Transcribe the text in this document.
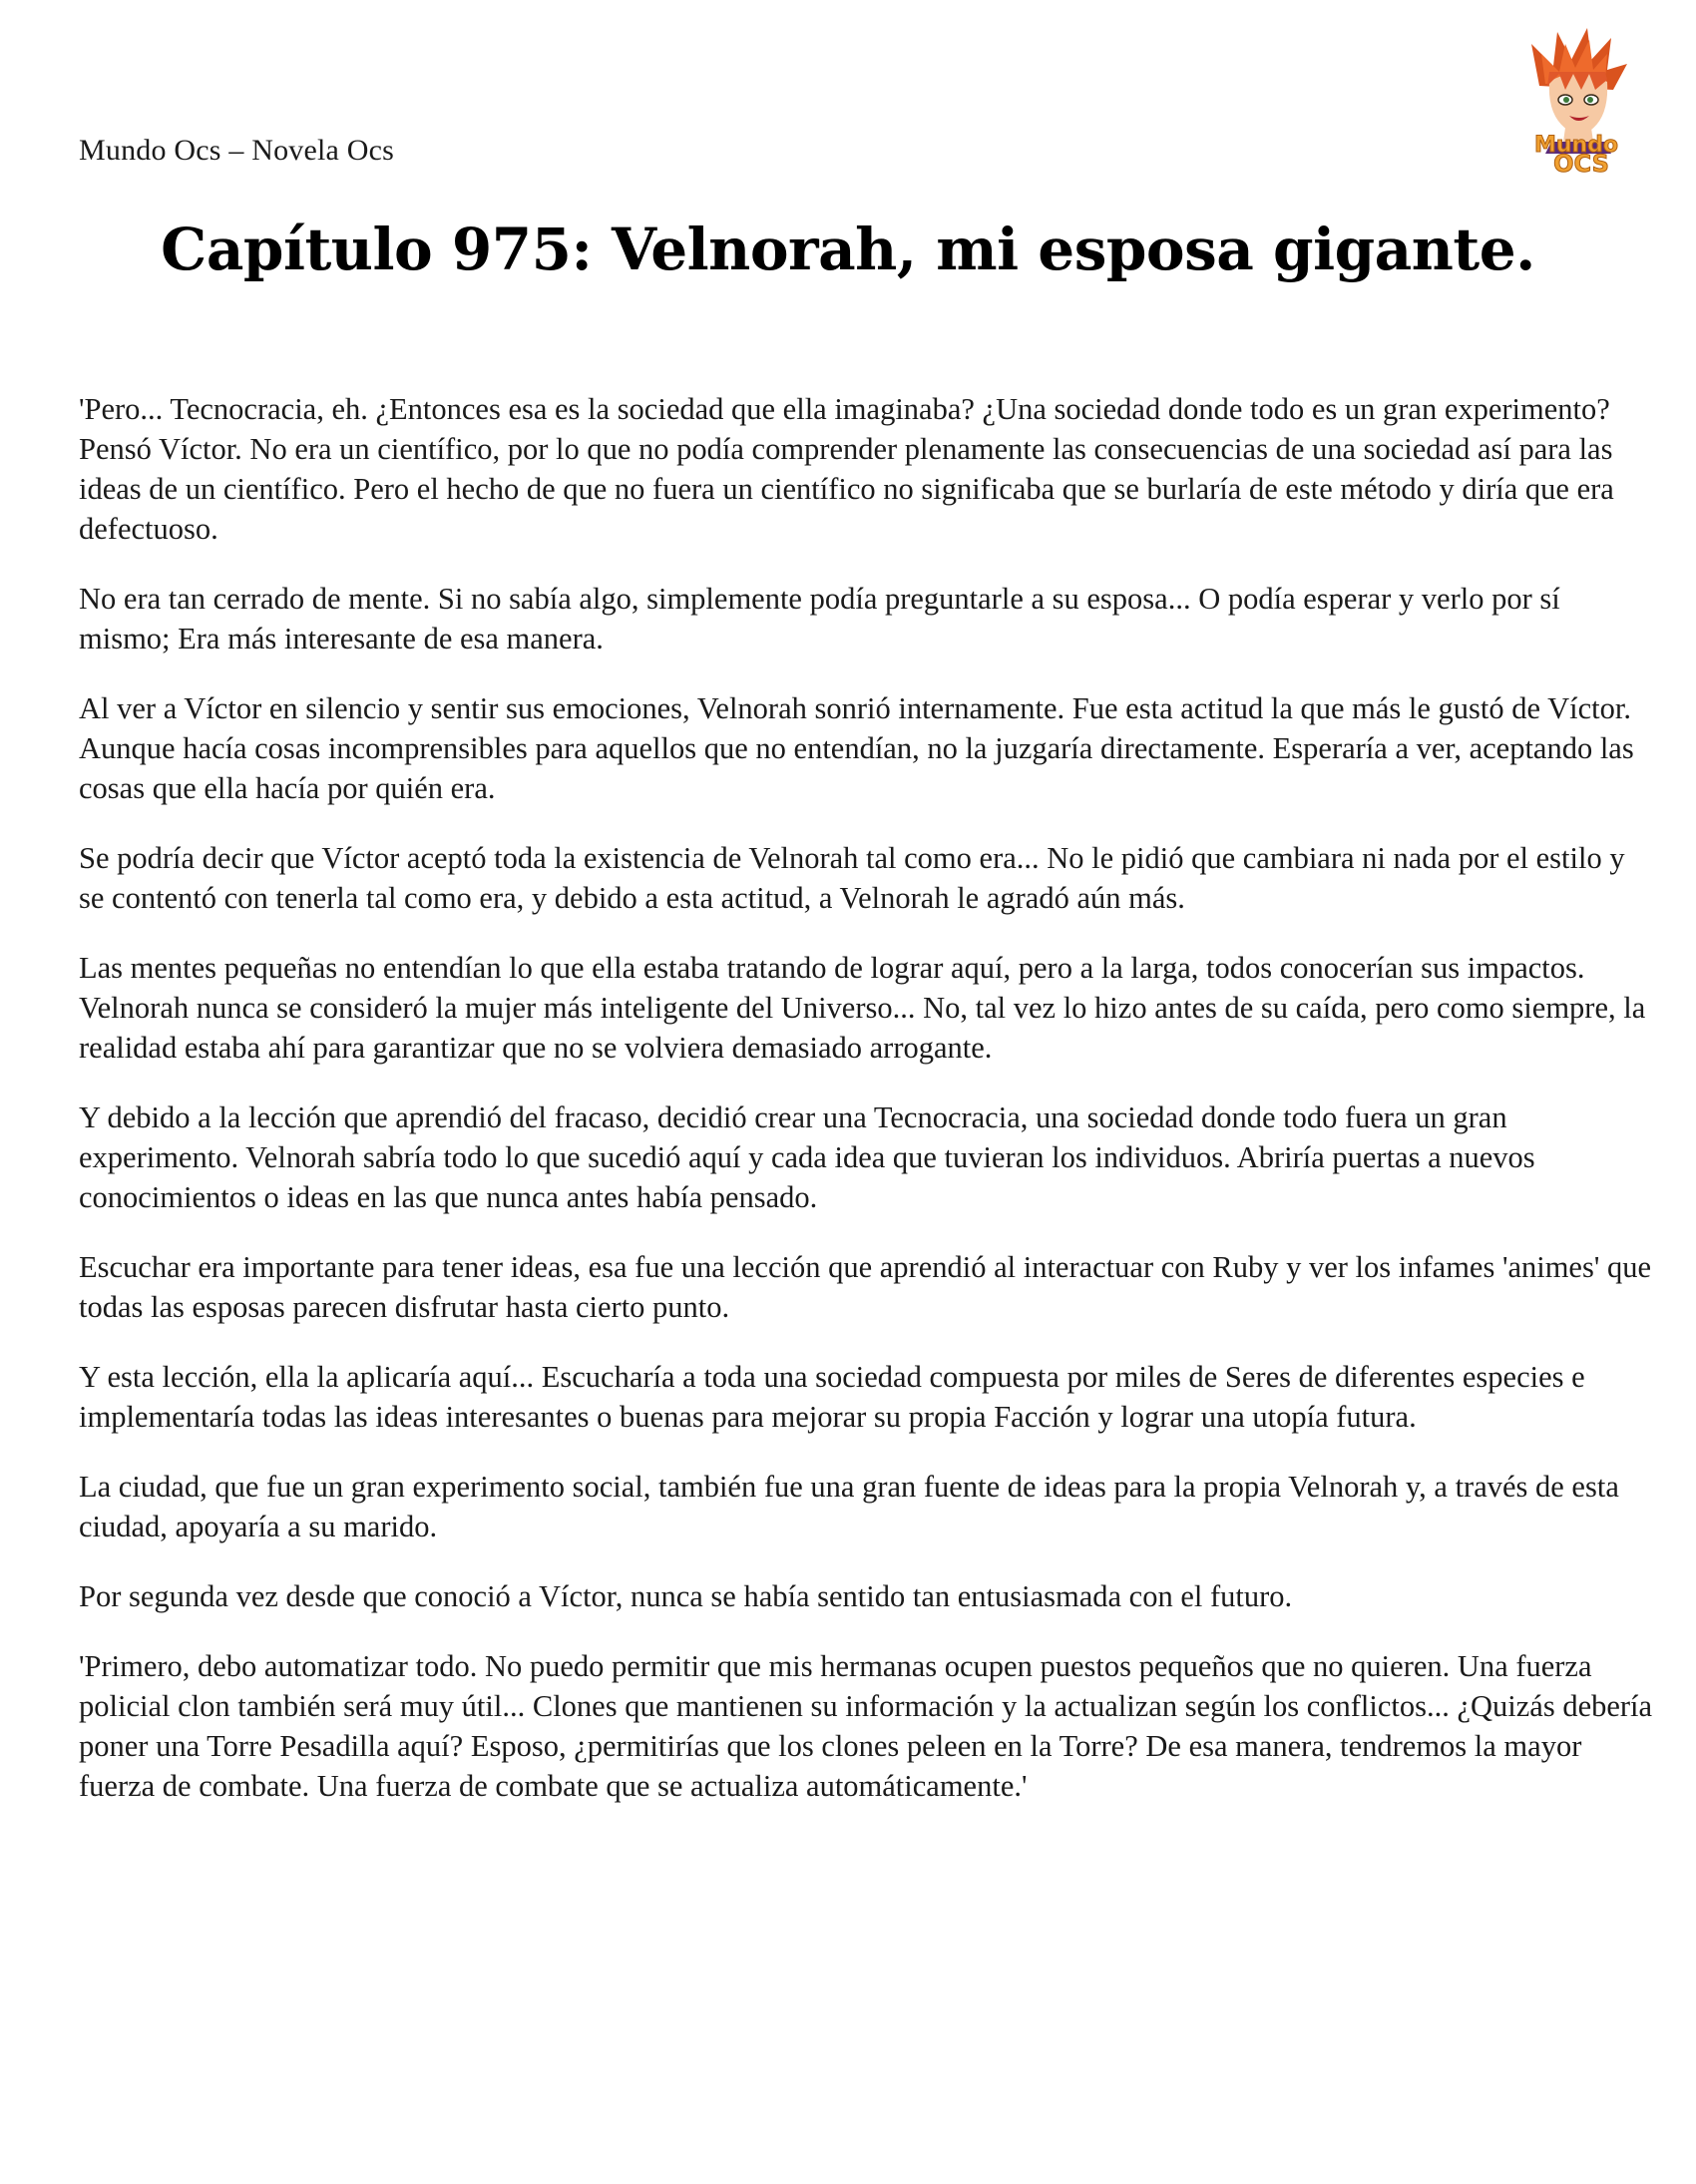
Mundo Ocs – Novela Ocs	Mundo
OCS
Capítulo 975: Velnorah, mi esposa gigante.

'Pero... Tecnocracia, eh. ¿Entonces esa es la sociedad que ella imaginaba? ¿Una sociedad donde todo es un gran experimento? Pensó Víctor. No era un científico, por lo que no podía comprender plenamente las consecuencias de una sociedad así para las ideas de un científico. Pero el hecho de que no fuera un científico no significaba que se burlaría de este método y diría que era defectuoso.

No era tan cerrado de mente. Si no sabía algo, simplemente podía preguntarle a su esposa... O podía esperar y verlo por sí mismo; Era más interesante de esa manera.

Al ver a Víctor en silencio y sentir sus emociones, Velnorah sonrió internamente. Fue esta actitud la que más le gustó de Víctor. Aunque hacía cosas incomprensibles para aquellos que no entendían, no la juzgaría directamente. Esperaría a ver, aceptando las cosas que ella hacía por quién era.

Se podría decir que Víctor aceptó toda la existencia de Velnorah tal como era... No le pidió que cambiara ni nada por el estilo y se contentó con tenerla tal como era, y debido a esta actitud, a Velnorah le agradó aún más.

Las mentes pequeñas no entendían lo que ella estaba tratando de lograr aquí, pero a la larga, todos conocerían sus impactos. Velnorah nunca se consideró la mujer más inteligente del Universo... No, tal vez lo hizo antes de su caída, pero como siempre, la realidad estaba ahí para garantizar que no se volviera demasiado arrogante.

Y debido a la lección que aprendió del fracaso, decidió crear una Tecnocracia, una sociedad donde todo fuera un gran experimento. Velnorah sabría todo lo que sucedió aquí y cada idea que tuvieran los individuos. Abriría puertas a nuevos conocimientos o ideas en las que nunca antes había pensado.

Escuchar era importante para tener ideas, esa fue una lección que aprendió al interactuar con Ruby y ver los infames 'animes' que todas las esposas parecen disfrutar hasta cierto punto.

Y esta lección, ella la aplicaría aquí... Escucharía a toda una sociedad compuesta por miles de Seres de diferentes especies e implementaría todas las ideas interesantes o buenas para mejorar su propia Facción y lograr una utopía futura.

La ciudad, que fue un gran experimento social, también fue una gran fuente de ideas para la propia Velnorah y, a través de esta ciudad, apoyaría a su marido.

Por segunda vez desde que conoció a Víctor, nunca se había sentido tan entusiasmada con el futuro.

'Primero, debo automatizar todo. No puedo permitir que mis hermanas ocupen puestos pequeños que no quieren. Una fuerza policial clon también será muy útil... Clones que mantienen su información y la actualizan según los conflictos... ¿Quizás debería poner una Torre Pesadilla aquí? Esposo, ¿permitirías que los clones peleen en la Torre? De esa manera, tendremos la mayor fuerza de combate. Una fuerza de combate que se actualiza automáticamente.'
